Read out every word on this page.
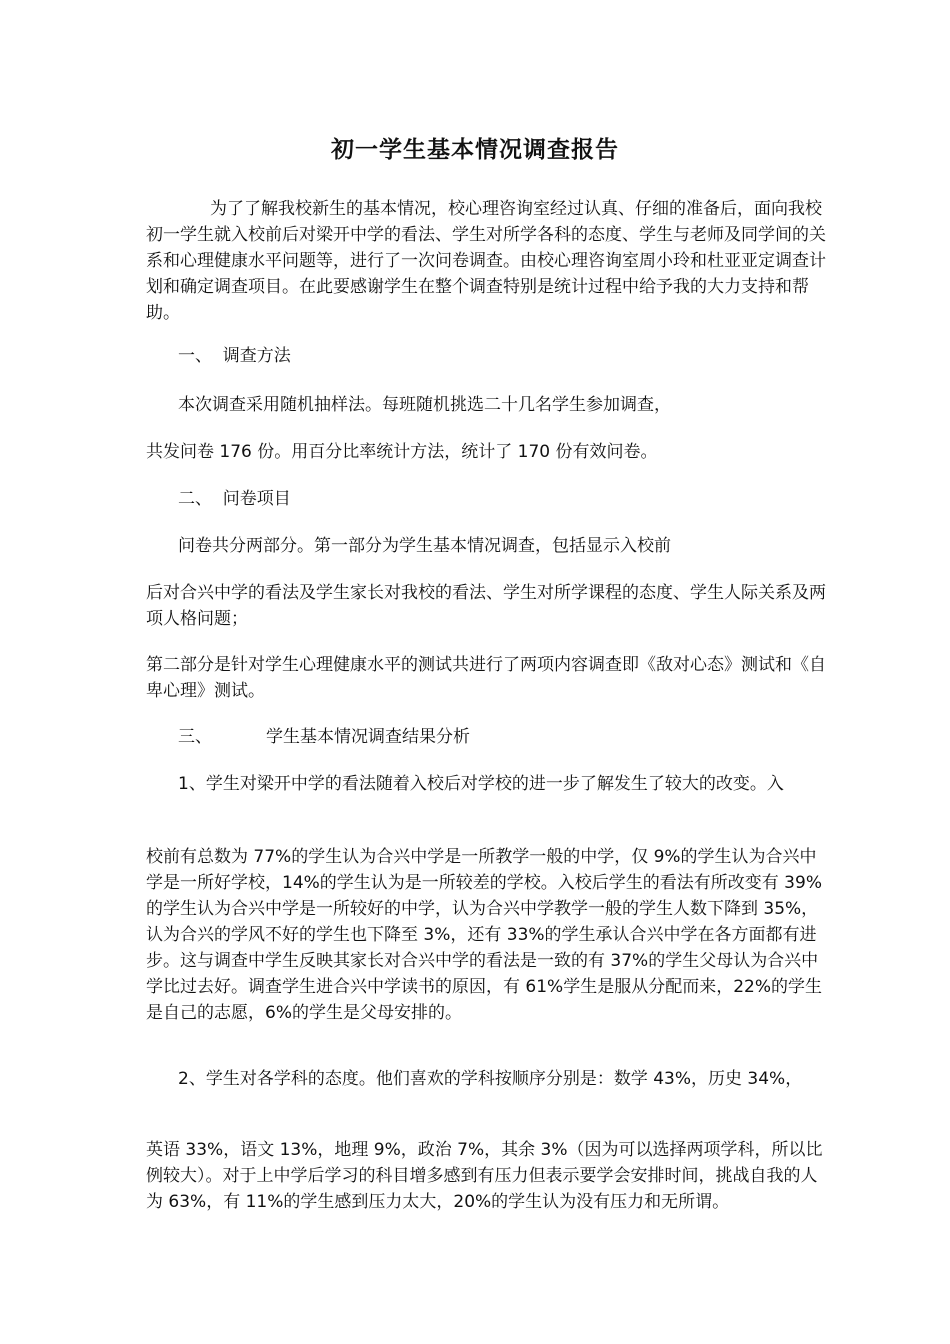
初一学生基本情况调查报告
为了了解我校新生的基本情况，校心理咨询室经过认真、仔细的准备后，面向我校初一学生就入校前后对梁开中学的看法、学生对所学各科的态度、学生与老师及同学间的关系和心理健康水平问题等，进行了一次问卷调查。由校心理咨询室周小玲和杜亚亚定调查计划和确定调查项目。在此要感谢学生在整个调查特别是统计过程中给予我的大力支持和帮助。
一、  调查方法
本次调查采用随机抽样法。每班随机挑选二十几名学生参加调查，
共发问卷 176 份。用百分比率统计方法，统计了 170 份有效问卷。
二、  问卷项目
问卷共分两部分。第一部分为学生基本情况调查，包括显示入校前
后对合兴中学的看法及学生家长对我校的看法、学生对所学课程的态度、学生人际关系及两项人格问题；
第二部分是针对学生心理健康水平的测试共进行了两项内容调查即《敌对心态》测试和《自卑心理》测试。
三、          学生基本情况调查结果分析
1、学生对梁开中学的看法随着入校后对学校的进一步了解发生了较大的改变。入
校前有总数为 77%的学生认为合兴中学是一所教学一般的中学，仅 9%的学生认为合兴中学是一所好学校，14%的学生认为是一所较差的学校。入校后学生的看法有所改变有 39%的学生认为合兴中学是一所较好的中学，认为合兴中学教学一般的学生人数下降到 35%，认为合兴的学风不好的学生也下降至 3%，还有 33%的学生承认合兴中学在各方面都有进步。这与调查中学生反映其家长对合兴中学的看法是一致的有 37%的学生父母认为合兴中学比过去好。调查学生进合兴中学读书的原因，有 61%学生是服从分配而来，22%的学生是自己的志愿，6%的学生是父母安排的。
2、学生对各学科的态度。他们喜欢的学科按顺序分别是：数学 43%，历史 34%，
英语 33%，语文 13%，地理 9%，政治 7%，其余 3%（因为可以选择两项学科，所以比例较大）。对于上中学后学习的科目增多感到有压力但表示要学会安排时间，挑战自我的人为 63%，有 11%的学生感到压力太大，20%的学生认为没有压力和无所谓。
